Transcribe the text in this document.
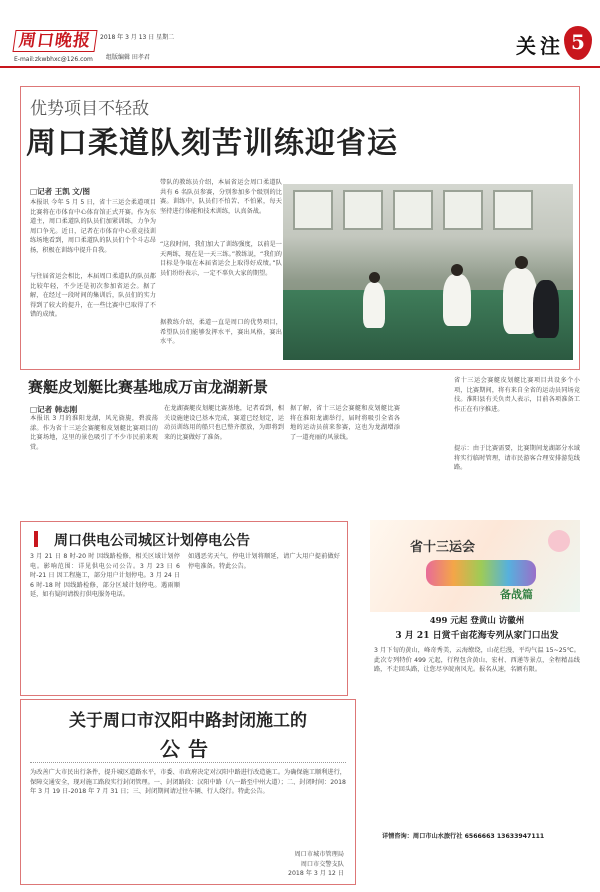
周口晚报	2018 年 3 月 13 日 星期二
E-mail:zkwbhxc@126.com 组版编辑 田孝君	关注 5
优势项目不轻敌
周口柔道队刻苦训练迎省运
□记者 王凯 文/图
本报讯 今年 5 月 5 日，省十三运会柔道项目比赛将在市体育中心体育馆正式开赛。作为东道主，周口柔道队的队员们加紧训练，力争为周口争光。近日，记者在市体育中心重竞技训练场地看到，周口柔道队的队员们个个斗志昂扬，积极在训练中提升自我。
与往届省运会相比，本届周口柔道队的队员都比较年轻，不少还是初次参加省运会。据了解，在经过一段时间的集训后，队员们的实力得到了较大的提升，在一些比赛中已取得了不错的成绩。
带队的教练员介绍，本届省运会周口柔道队共有 6 名队员参赛，分别参加多个级别的比赛。训练中，队员们不怕苦、不怕累，每天坚持进行体能和技术训练，认真备战。
“这段时间，我们加大了训练强度，以前是一天两练，现在是一天三练。”教练说，“我们的目标是争取在本届省运会上取得好成绩。”队员们纷纷表示，一定不辜负大家的期望。
据教练介绍，柔道一直是周口的优势项目，希望队员们能够发挥水平，赛出风格，赛出水平。
赛艇皮划艇比赛基地成万亩龙湖新景
□记者 韩志刚
本报讯 3 月的淮阳龙湖，风光旖旎，碧波荡漾。作为省十三运会赛艇和皮划艇比赛项目的比赛场地，这里的景色吸引了不少市民前来观赏。
在龙湖赛艇皮划艇比赛基地，记者看到，相关设施建设已基本完成，赛道已经划定，运动员训练用的船只也已整齐摆放，为即将到来的比赛做好了准备。
据了解，省十三运会赛艇和皮划艇比赛将在淮阳龙湖举行，届时将吸引全省各地的运动员前来参赛，这也为龙湖增添了一道亮丽的风景线。
省十三运会赛艇皮划艇比赛项目共设多个小项，比赛期间，将有来自全省的运动员同场竞技。淮阳县有关负责人表示，目前各项准备工作正在有序推进。
提示：由于比赛需要，比赛期间龙湖部分水域将实行临时管理，请市民游客合理安排游览线路。
周口供电公司城区计划停电公告
3 月 21 日 8 时-20 时 因线路检修，相关区域计划停电。影响范围：详见供电公司公告。3 月 23 日 6 时-21 日 因工程施工，部分用户计划停电。3 月 24 日 6 时-18 时 因线路检修，部分区域计划停电。遇雨顺延，如有疑问请拨打供电服务电话。
如遇恶劣天气，停电计划将顺延，请广大用户提前做好停电准备。特此公告。
省十三运会
备战篇
499 元起 登黄山 访徽州
3 月 21 日赏千亩花海专列从家门口出发
3 月下旬的黄山，峰奇秀美，云海缭绕，山花烂漫，平均气温 15~25℃。此次专列特价 499 元起，行程包含黄山、宏村、西递等景点，全程精品线路，不走回头路，让您尽享皖南风光。报名从速，名额有限。
详情咨询：周口市山水旅行社 6566663 13633947111
关于周口市汉阳中路封闭施工的
公告
为改善广大市民出行条件，提升城区道路水平，市委、市政府决定对汉阳中路进行改造施工。为确保施工顺利进行，保障交通安全，现对施工路段实行封闭管理。一、封闭路段：汉阳中路（八一路至中州大道）；二、封闭时间：2018 年 3 月 19 日-2018 年 7 月 31 日；三、封闭期间请过往车辆、行人绕行。特此公告。
周口市城市管理局
周口市交警支队
2018 年 3 月 12 日
